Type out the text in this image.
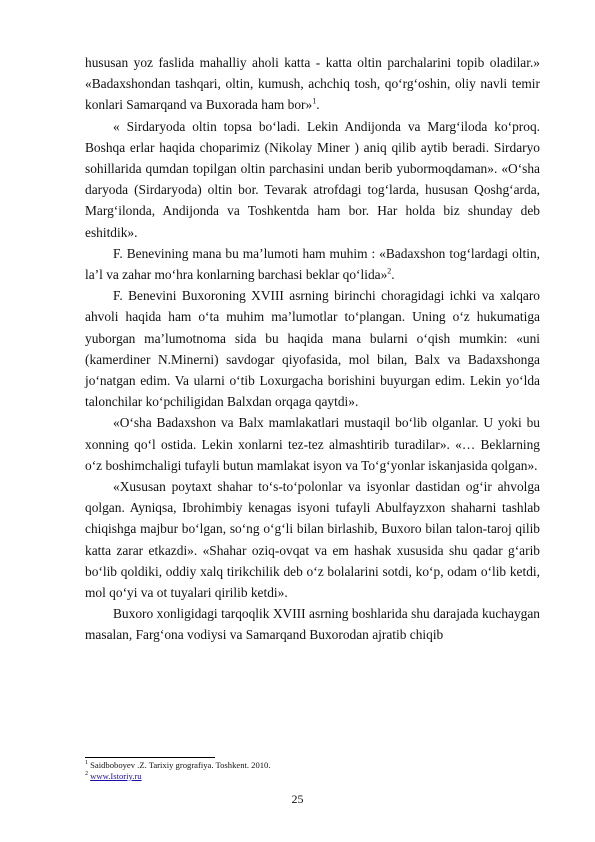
hususan yoz faslida mahalliy aholi katta - katta oltin parchalarini topib oladilar.» «Badaxshondan tashqari, oltin, kumush, achchiq tosh, qo‘rg‘oshin, oliy navli temir konlari Samarqand va Buxorada ham bor»$^1$.

« Sirdaryoda oltin topsa bo‘ladi. Lekin Andijonda va Marg‘iloda ko‘proq. Boshqa erlar haqida choparimiz (Nikolay Miner ) aniq qilib aytib beradi. Sirdaryo sohillarida qumdan topilgan oltin parchasini undan berib yubormoqdaman». «O‘sha daryoda (Sirdaryoda) oltin bor. Tevarak atrofdagi tog‘larda, hususan Qoshg‘arda, Marg‘ilonda, Andijonda va Toshkentda ham bor. Har holda biz shunday deb eshitdik».

F. Benevining mana bu ma’lumoti ham muhim : «Badaxshon tog‘lardagi oltin, la’l va zahar mo‘hra konlarning barchasi beklar qo‘lida»$^2$.

F. Benevini Buxoroning XVIII asrning birinchi choragidagi ichki va xalqaro ahvoli haqida ham o‘ta muhim ma’lumotlar to‘plangan. Uning o‘z hukumatiga yuborgan ma’lumotnoma sida bu haqida mana bularni o‘qish mumkin: «uni (kamerdiner N.Minerni) savdogar qiyofasida, mol bilan, Balx va Badaxshonga jo‘natgan edim. Va ularni o‘tib Loxurgacha borishini buyurgan edim. Lekin yo‘lda talonchilar ko‘pchiligidan Balxdan orqaga qaytdi».

«O‘sha Badaxshon va Balx mamlakatlari mustaqil bo‘lib olganlar. U yoki bu xonning qo‘l ostida. Lekin xonlarni tez-tez almashtirib turadilar». «… Beklarning o‘z boshimchaligi tufayli butun mamlakat isyon va To‘g‘yonlar iskanjasida qolgan».

«Xususan poytaxt shahar to‘s-to‘polonlar va isyonlar dastidan og‘ir ahvolga qolgan. Ayniqsa, Ibrohimbiy kenagas isyoni tufayli Abulfayzxon shaharni tashlab chiqishga majbur bo‘lgan, so‘ng o‘g‘li bilan birlashib, Buxoro bilan talon-taroj qilib katta zarar etkazdi». «Shahar oziq-ovqat va em hashak xususida shu qadar g‘arib bo‘lib qoldiki, oddiy xalq tirikchilik deb o‘z bolalarini sotdi, ko‘p, odam o‘lib ketdi, mol qo‘yi va ot tuyalari qirilib ketdi».

Buxoro xonligidagi tarqoqlik XVIII asrning boshlarida shu darajada kuchaygan masalan, Farg‘ona vodiysi va Samarqand Buxorodan ajratib chiqib

$^1$ Saidboboyev .Z. Tarixiy grografiya. Toshkent. 2010.

$^2$ www.Istoriy.ru

25
